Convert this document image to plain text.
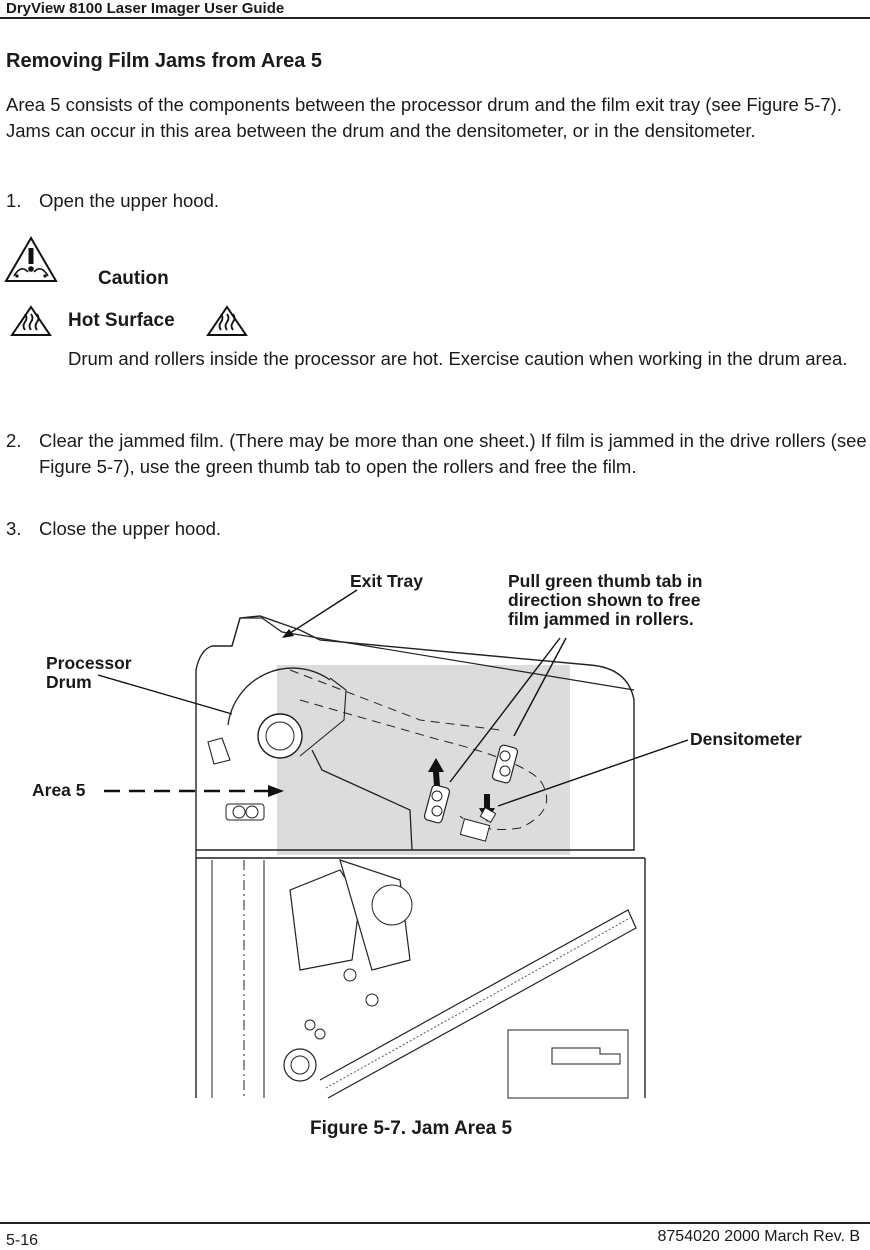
DryView 8100 Laser Imager User Guide
Removing Film Jams from Area 5
Area 5 consists of the components between the processor drum and the film exit tray (see Figure 5-7). Jams can occur in this area between the drum and the densitometer, or in the densitometer.
1. Open the upper hood.
Caution
Hot Surface
Drum and rollers inside the processor are hot. Exercise caution when working in the drum area.
2. Clear the jammed film. (There may be more than one sheet.) If film is jammed in the drive rollers (see Figure 5-7), use the green thumb tab to open the rollers and free the film.
3. Close the upper hood.
Exit Tray	Pull green thumb tab in
direction shown to free
film jammed in rollers.
Processor
Drum
Densitometer
Area 5
Figure 5-7. Jam Area 5
5-16	8754020 2000 March Rev. B
